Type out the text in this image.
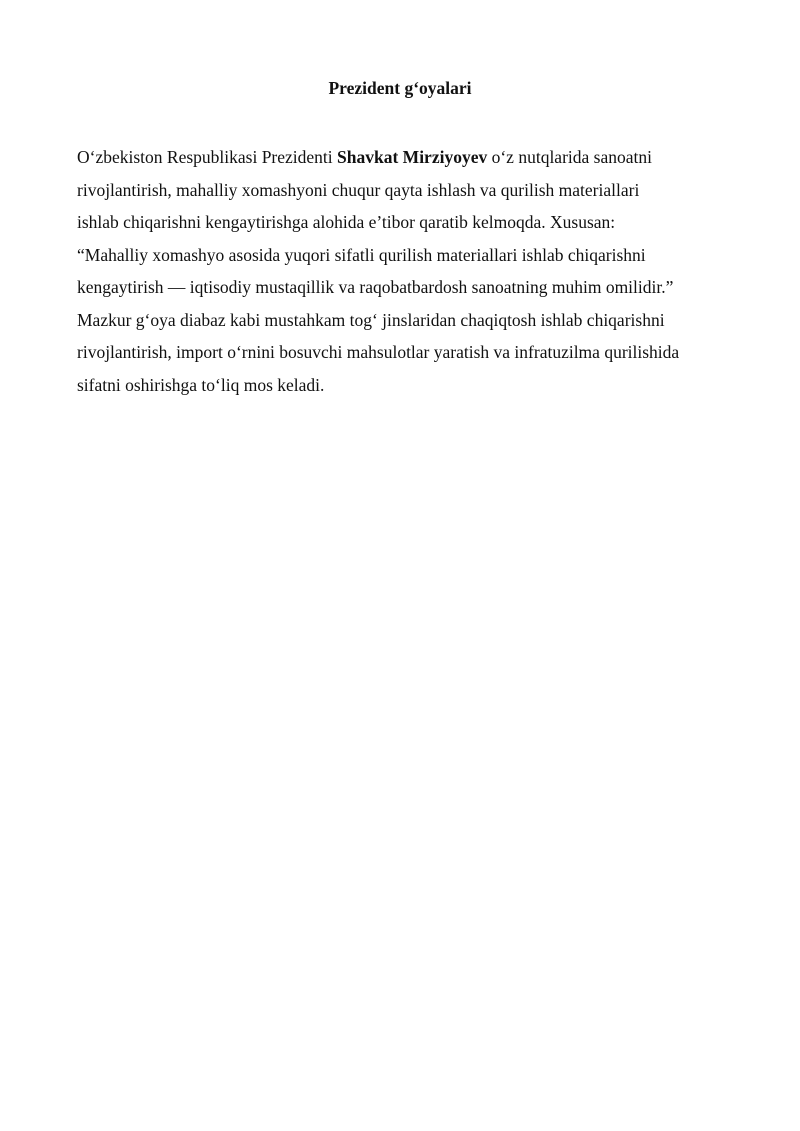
Prezident g‘oyalari
O‘zbekiston Respublikasi Prezidenti Shavkat Mirziyoyev o‘z nutqlarida sanoatni
rivojlantirish, mahalliy xomashyoni chuqur qayta ishlash va qurilish materiallari
ishlab chiqarishni kengaytirishga alohida e’tibor qaratib kelmoqda. Xususan:
“Mahalliy xomashyo asosida yuqori sifatli qurilish materiallari ishlab chiqarishni
kengaytirish — iqtisodiy mustaqillik va raqobatbardosh sanoatning muhim omilidir.”
Mazkur g‘oya diabaz kabi mustahkam tog‘ jinslaridan chaqiqtosh ishlab chiqarishni
rivojlantirish, import o‘rnini bosuvchi mahsulotlar yaratish va infratuzilma qurilishida
sifatni oshirishga to‘liq mos keladi.
